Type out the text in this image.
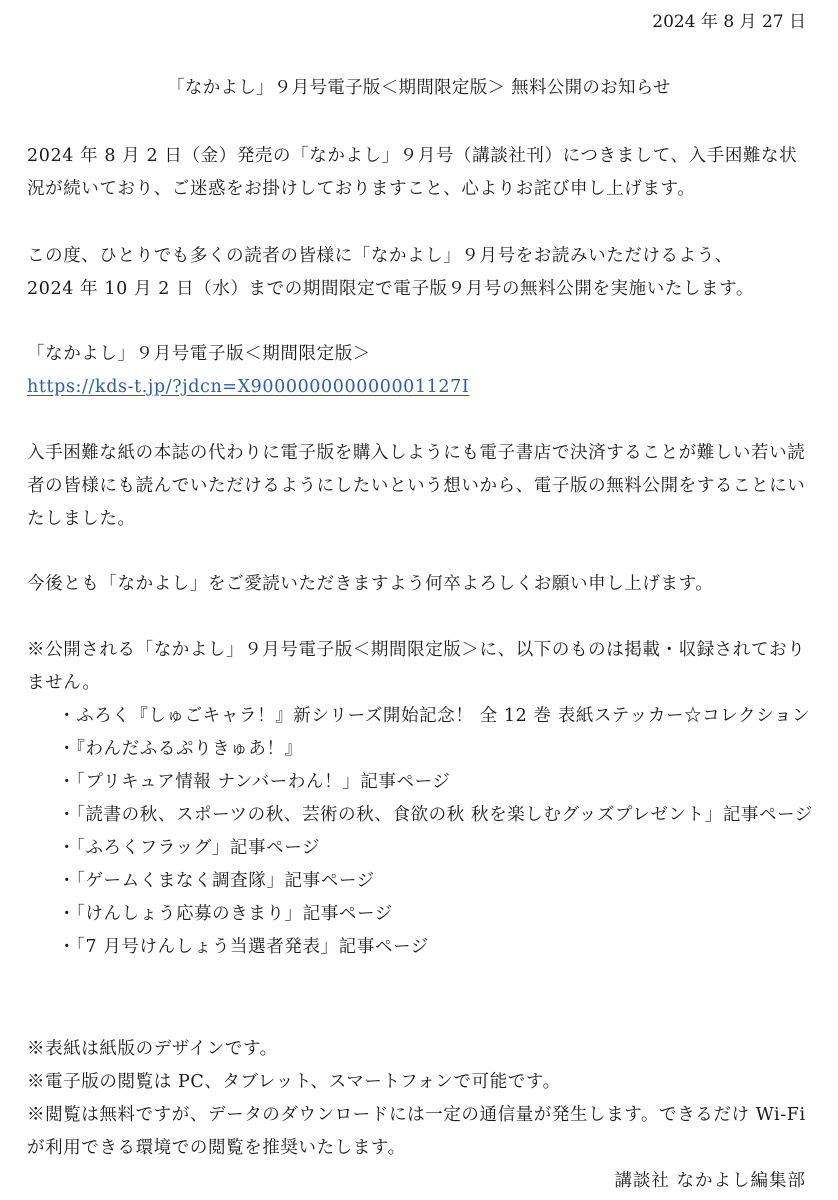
2024 年 8 月 27 日

「なかよし」９月号電子版＜期間限定版＞ 無料公開のお知らせ

2024 年 8 月 2 日（金）発売の「なかよし」９月号（講談社刊）につきまして、入手困難な状況が続いており、ご迷惑をお掛けしておりますこと、心よりお詫び申し上げます。

この度、ひとりでも多くの読者の皆様に「なかよし」９月号をお読みいただけるよう、
2024 年 10 月 2 日（水）までの期間限定で電子版９月号の無料公開を実施いたします。
「なかよし」９月号電子版＜期間限定版＞
https://kds-t.jp/?jdcn=X900000000000001127I

入手困難な紙の本誌の代わりに電子版を購入しようにも電子書店で決済することが難しい若い読者の皆様にも読んでいただけるようにしたいという想いから、電子版の無料公開をすることにいたしました。

今後とも「なかよし」をご愛読いただきますよう何卒よろしくお願い申し上げます。

※公開される「なかよし」９月号電子版＜期間限定版＞に、以下のものは掲載・収録されておりません。

・ふろく『しゅごキャラ！』新シリーズ開始記念！ 全 12 巻 表紙ステッカー☆コレクション
・『わんだふるぷりきゅあ！』
・「プリキュア情報 ナンバーわん！」記事ページ
・「読書の秋、スポーツの秋、芸術の秋、食欲の秋 秋を楽しむグッズプレゼント」記事ページ
・「ふろくフラッグ」記事ページ
・「ゲームくまなく調査隊」記事ページ
・「けんしょう応募のきまり」記事ページ
・「7 月号けんしょう当選者発表」記事ページ
※表紙は紙版のデザインです。
※電子版の閲覧は PC、タブレット、スマートフォンで可能です。
※閲覧は無料ですが、データのダウンロードには一定の通信量が発生します。できるだけ Wi-Fi が利用できる環境での閲覧を推奨いたします。

講談社 なかよし編集部
